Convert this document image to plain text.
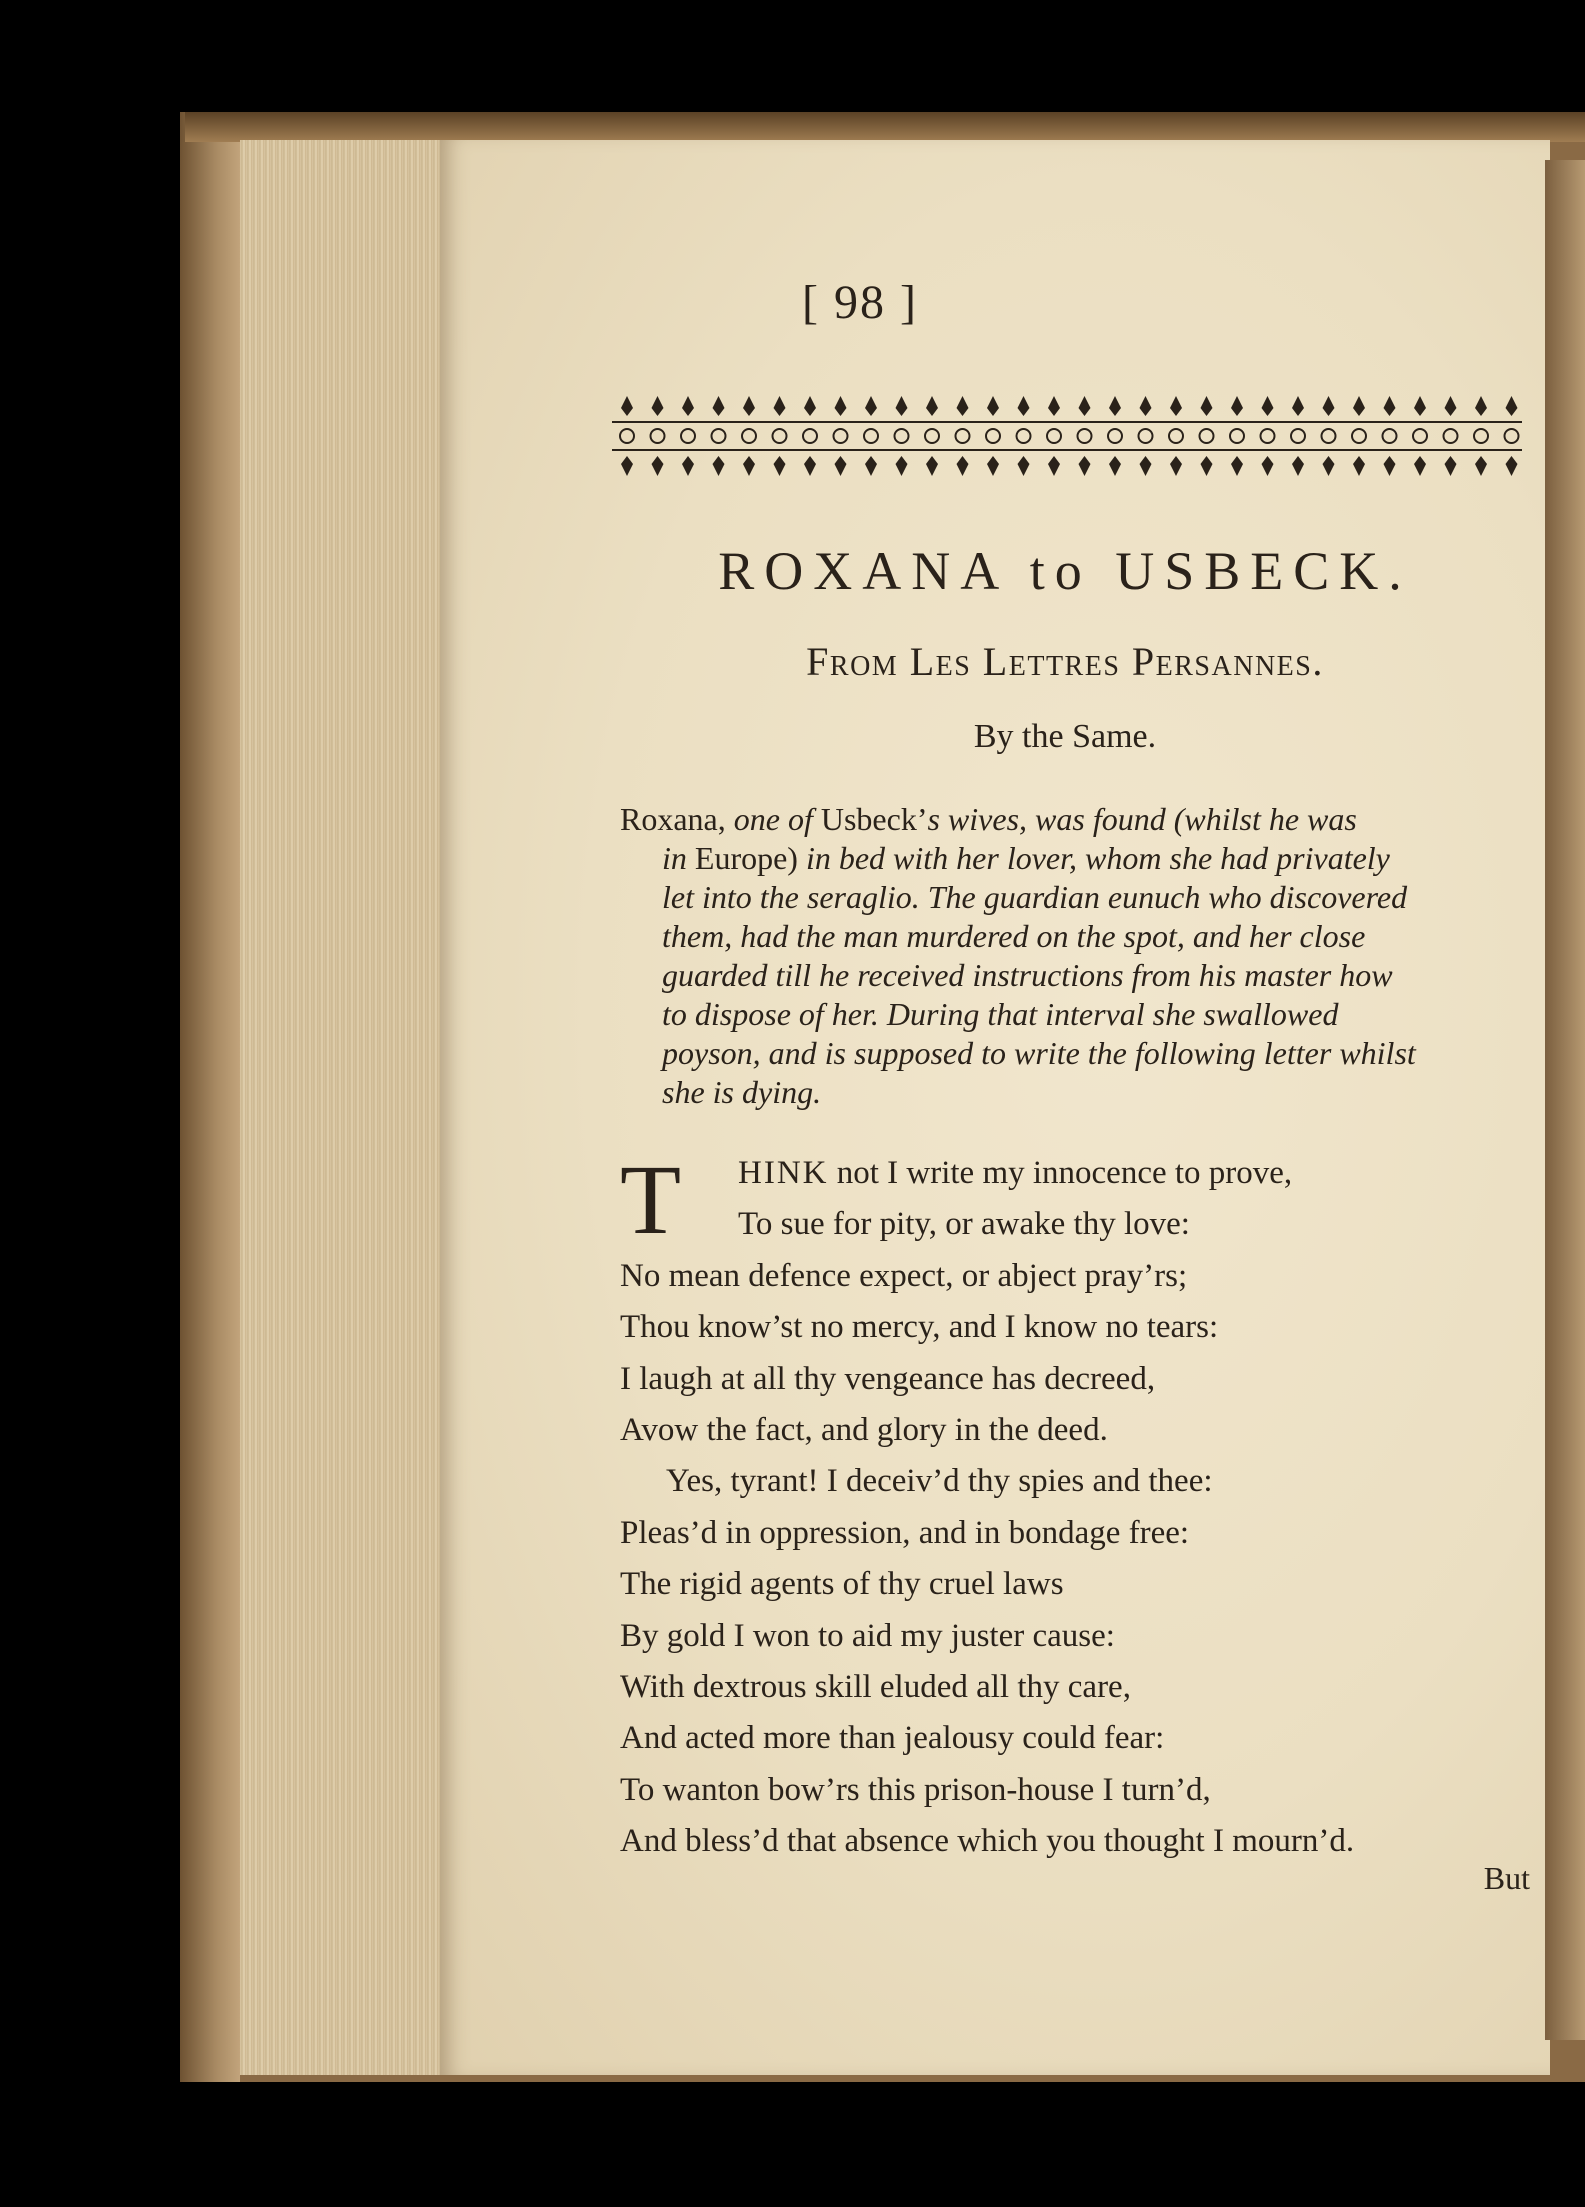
[ 98 ]
ROXANA to USBECK.
From Les Lettres Persannes.
By the Same.
Roxana, one of Usbeck’s wives, was found (whilst he was
in Europe) in bed with her lover, whom she had privately
let into the seraglio. The guardian eunuch who discovered
them, had the man murdered on the spot, and her close
guarded till he received instructions from his master how
to dispose of her. During that interval she swallowed
poyson, and is supposed to write the following letter whilst
she is dying.
T	HINK not I write my innocence to prove,
To sue for pity, or awake thy love:
No mean defence expect, or abject pray’rs;
Thou know’st no mercy, and I know no tears:
I laugh at all thy vengeance has decreed,
Avow the fact, and glory in the deed.
Yes, tyrant! I deceiv’d thy spies and thee:
Pleas’d in oppression, and in bondage free:
The rigid agents of thy cruel laws
By gold I won to aid my juster cause:
With dextrous skill eluded all thy care,
And acted more than jealousy could fear:
To wanton bow’rs this prison-house I turn’d,
And bless’d that absence which you thought I mourn’d.
But
